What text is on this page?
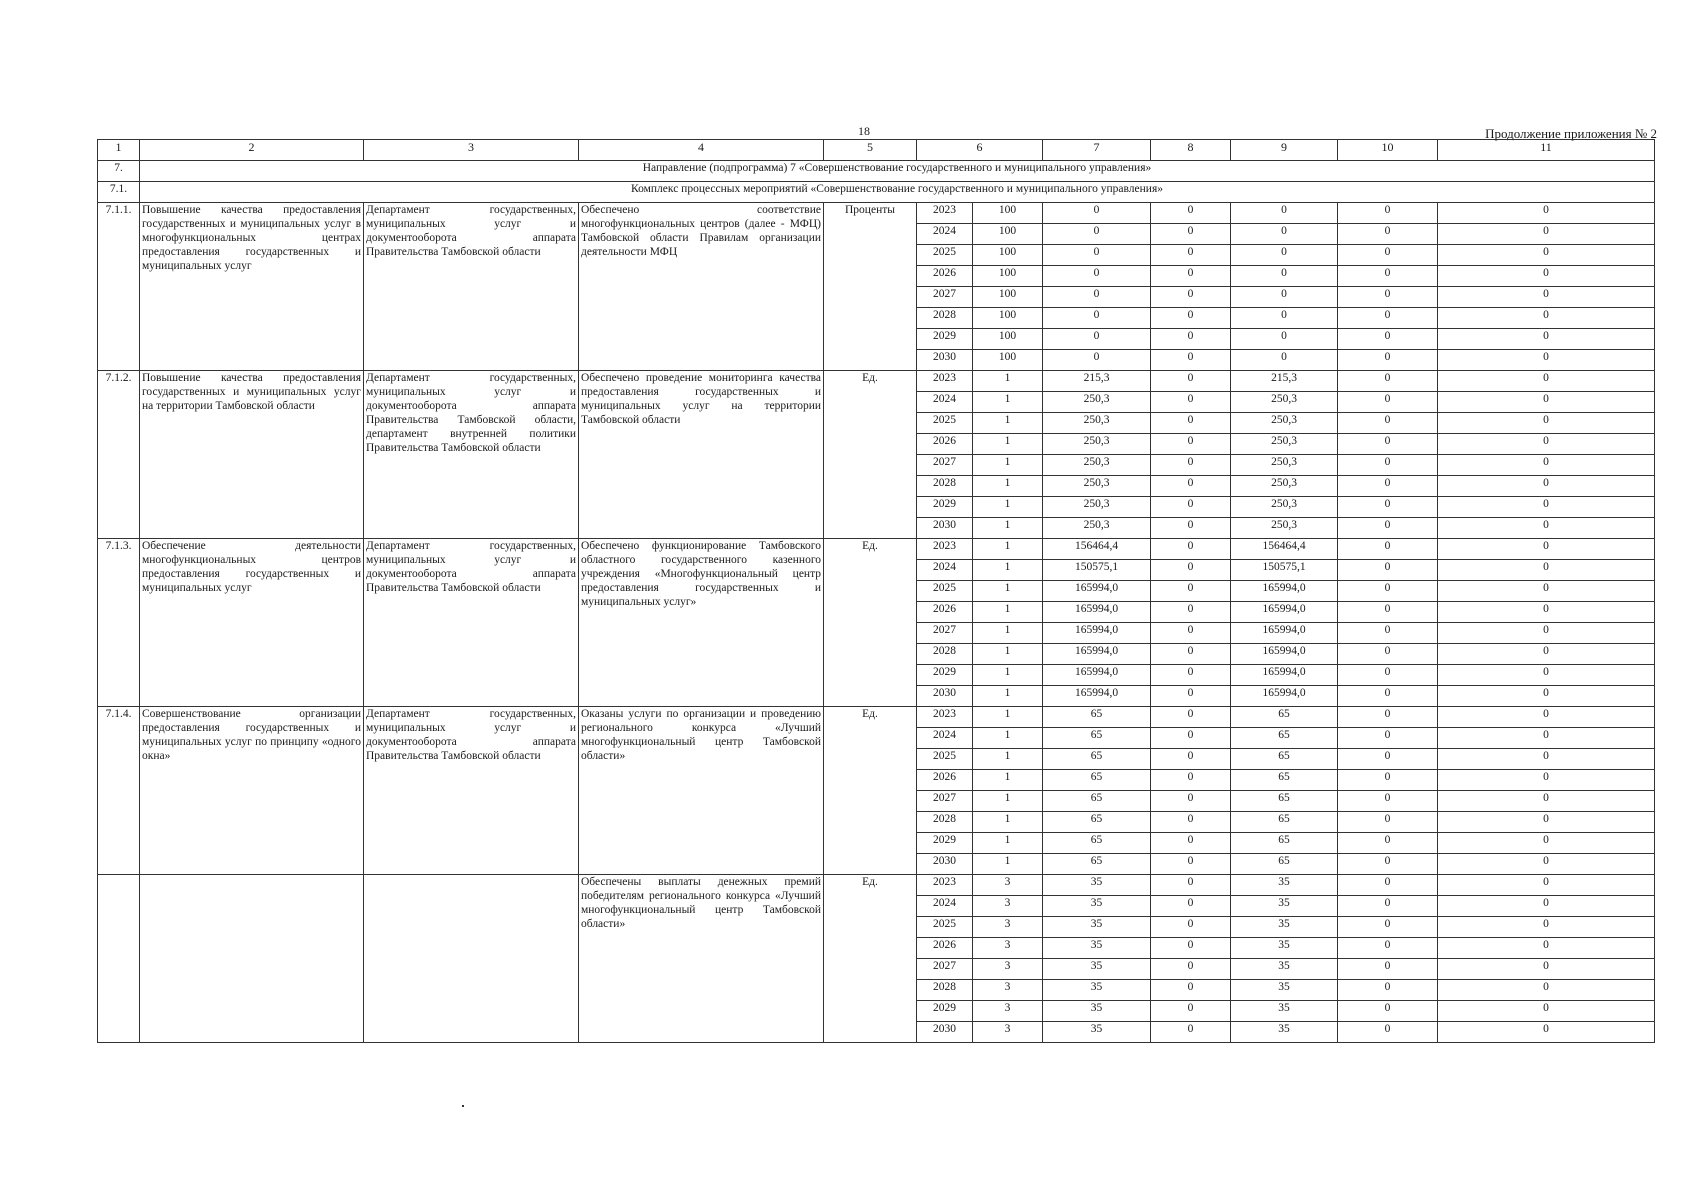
18	Продолжение приложения № 2
1	2	3	4	5	6		7	8	9	10	11
7.	Направление (подпрограмма) 7 «Совершенствование государственного и муниципального управления»										
7.1.	Комплекс процессных мероприятий «Совершенствование государственного и муниципального управления»										
7.1.1.	Повышение качества предоставления государственных и муниципальных услуг в многофункциональных центрах предоставления государственных и муниципальных услуг	Департамент государственных, муниципальных услуг и документооборота аппарата Правительства Тамбовской области	Обеспечено соответствие многофункциональных центров (далее - МФЦ) Тамбовской области Правилам организации деятельности МФЦ	Проценты	2023	100	0	0	0	0	0
					2024	100	0	0	0	0	0
					2025	100	0	0	0	0	0
					2026	100	0	0	0	0	0
					2027	100	0	0	0	0	0
					2028	100	0	0	0	0	0
					2029	100	0	0	0	0	0
					2030	100	0	0	0	0	0
7.1.2.	Повышение качества предоставления государственных и муниципальных услуг на территории Тамбовской области	Департамент государственных, муниципальных услуг и документооборота аппарата Правительства Тамбовской области, департамент внутренней политики Правительства Тамбовской области	Обеспечено проведение мониторинга качества предоставления государственных и муниципальных услуг на территории Тамбовской области	Ед.	2023	1	215,3	0	215,3	0	0
					2024	1	250,3	0	250,3	0	0
					2025	1	250,3	0	250,3	0	0
					2026	1	250,3	0	250,3	0	0
					2027	1	250,3	0	250,3	0	0
					2028	1	250,3	0	250,3	0	0
					2029	1	250,3	0	250,3	0	0
					2030	1	250,3	0	250,3	0	0
7.1.3.	Обеспечение деятельности многофункциональных центров предоставления государственных и муниципальных услуг	Департамент государственных, муниципальных услуг и документооборота аппарата Правительства Тамбовской области	Обеспечено функционирование Тамбовского областного государственного казенного учреждения «Многофункциональный центр предоставления государственных и муниципальных услуг»	Ед.	2023	1	156464,4	0	156464,4	0	0
					2024	1	150575,1	0	150575,1	0	0
					2025	1	165994,0	0	165994,0	0	0
					2026	1	165994,0	0	165994,0	0	0
					2027	1	165994,0	0	165994,0	0	0
					2028	1	165994,0	0	165994,0	0	0
					2029	1	165994,0	0	165994,0	0	0
					2030	1	165994,0	0	165994,0	0	0
7.1.4.	Совершенствование организации предоставления государственных и муниципальных услуг по принципу «одного окна»	Департамент государственных, муниципальных услуг и документооборота аппарата Правительства Тамбовской области	Оказаны услуги по организации и проведению регионального конкурса «Лучший многофункциональный центр Тамбовской области»	Ед.	2023	1	65	0	65	0	0
					2024	1	65	0	65	0	0
					2025	1	65	0	65	0	0
					2026	1	65	0	65	0	0
					2027	1	65	0	65	0	0
					2028	1	65	0	65	0	0
					2029	1	65	0	65	0	0
					2030	1	65	0	65	0	0
			Обеспечены выплаты денежных премий победителям регионального конкурса «Лучший многофункциональный центр Тамбовской области»	Ед.	2023	3	35	0	35	0	0
					2024	3	35	0	35	0	0
					2025	3	35	0	35	0	0
					2026	3	35	0	35	0	0
					2027	3	35	0	35	0	0
					2028	3	35	0	35	0	0
					2029	3	35	0	35	0	0
					2030	3	35	0	35	0	0
